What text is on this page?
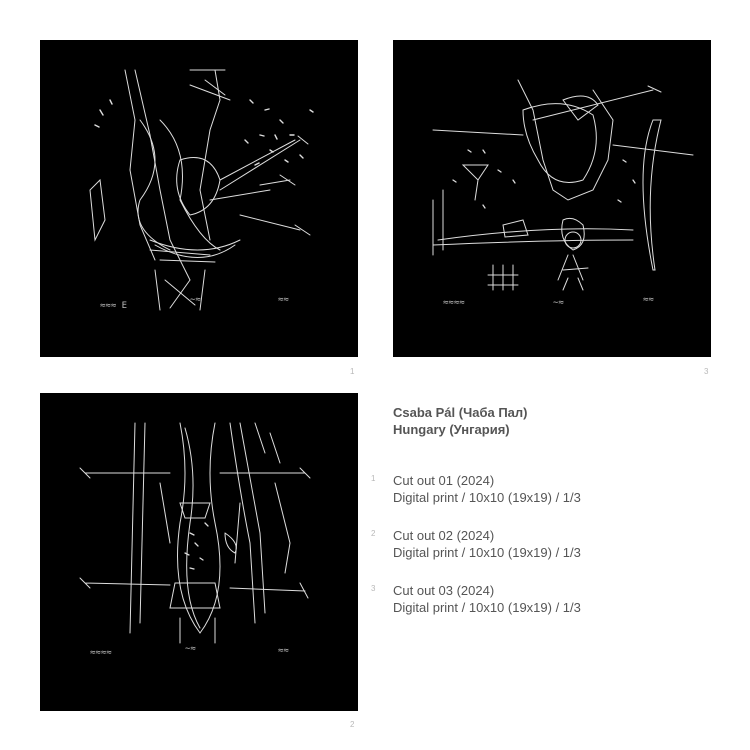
≈≈≈ E
∼≈	≈≈
1
≈≈≈≈	∼≈	≈≈
3
≈≈≈≈	∼≈	≈≈
2

Csaba Pál (Чаба Пал)

Hungary (Унгария)

1 Cut out 01 (2024)
Digital print / 10x10 (19x19) / 1/3
2 Cut out 02 (2024)
Digital print / 10x10 (19x19) / 1/3
3 Cut out 03 (2024)
Digital print / 10x10 (19x19) / 1/3
